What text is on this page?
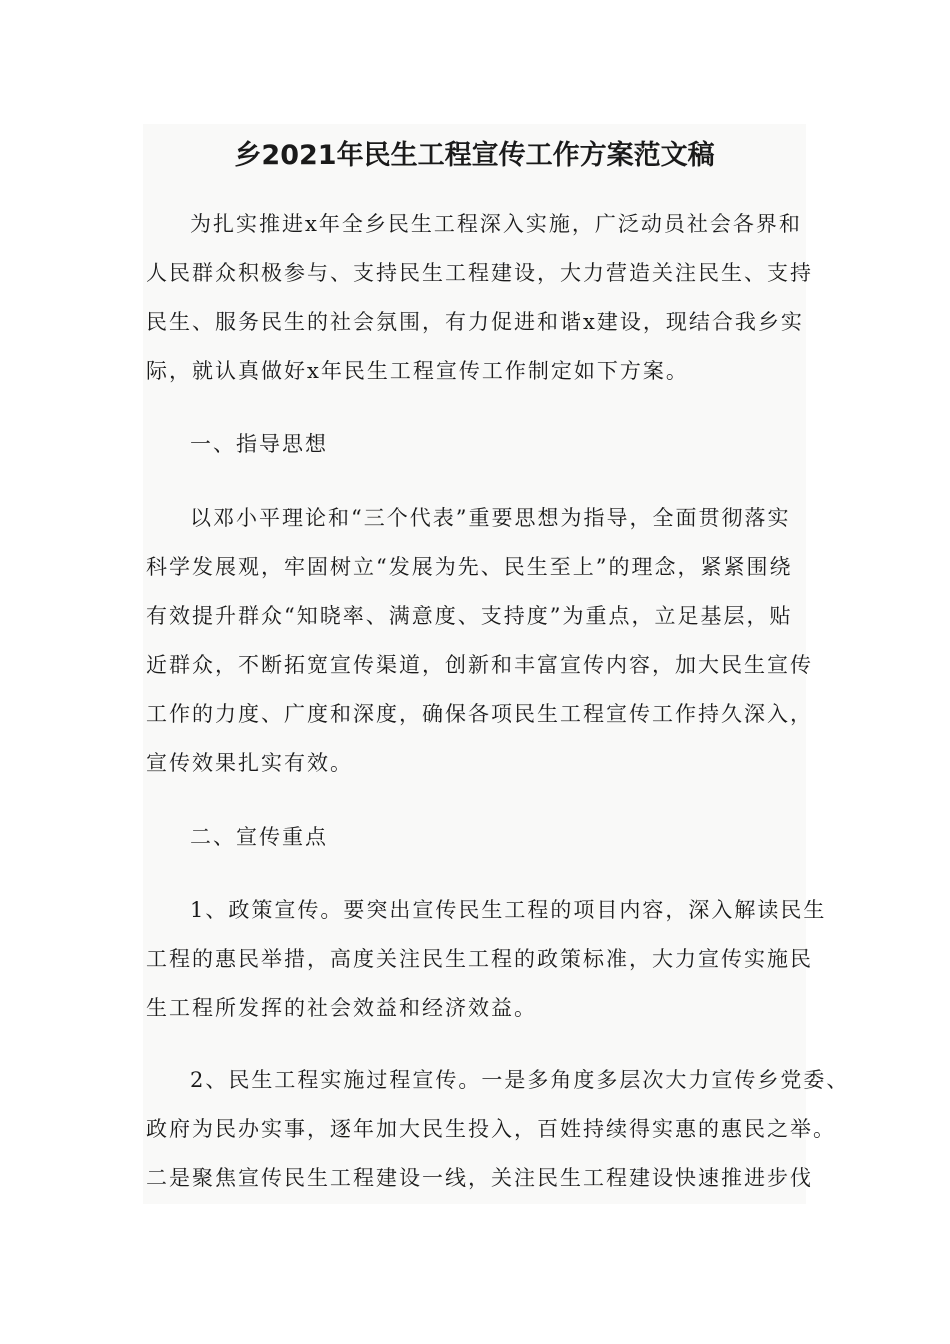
乡2021年民生工程宣传工作方案范文稿
为扎实推进x年全乡民生工程深入实施，广泛动员社会各界和
人民群众积极参与、支持民生工程建设，大力营造关注民生、支持
民生、服务民生的社会氛围，有力促进和谐x建设，现结合我乡实
际，就认真做好x年民生工程宣传工作制定如下方案。
一、指导思想
以邓小平理论和“三个代表”重要思想为指导，全面贯彻落实
科学发展观，牢固树立“发展为先、民生至上”的理念，紧紧围绕
有效提升群众“知晓率、满意度、支持度”为重点，立足基层，贴
近群众，不断拓宽宣传渠道，创新和丰富宣传内容，加大民生宣传
工作的力度、广度和深度，确保各项民生工程宣传工作持久深入，
宣传效果扎实有效。
二、宣传重点
1、政策宣传。要突出宣传民生工程的项目内容，深入解读民生
工程的惠民举措，高度关注民生工程的政策标准，大力宣传实施民
生工程所发挥的社会效益和经济效益。
2、民生工程实施过程宣传。一是多角度多层次大力宣传乡党委、
政府为民办实事，逐年加大民生投入，百姓持续得实惠的惠民之举。
二是聚焦宣传民生工程建设一线，关注民生工程建设快速推进步伐
